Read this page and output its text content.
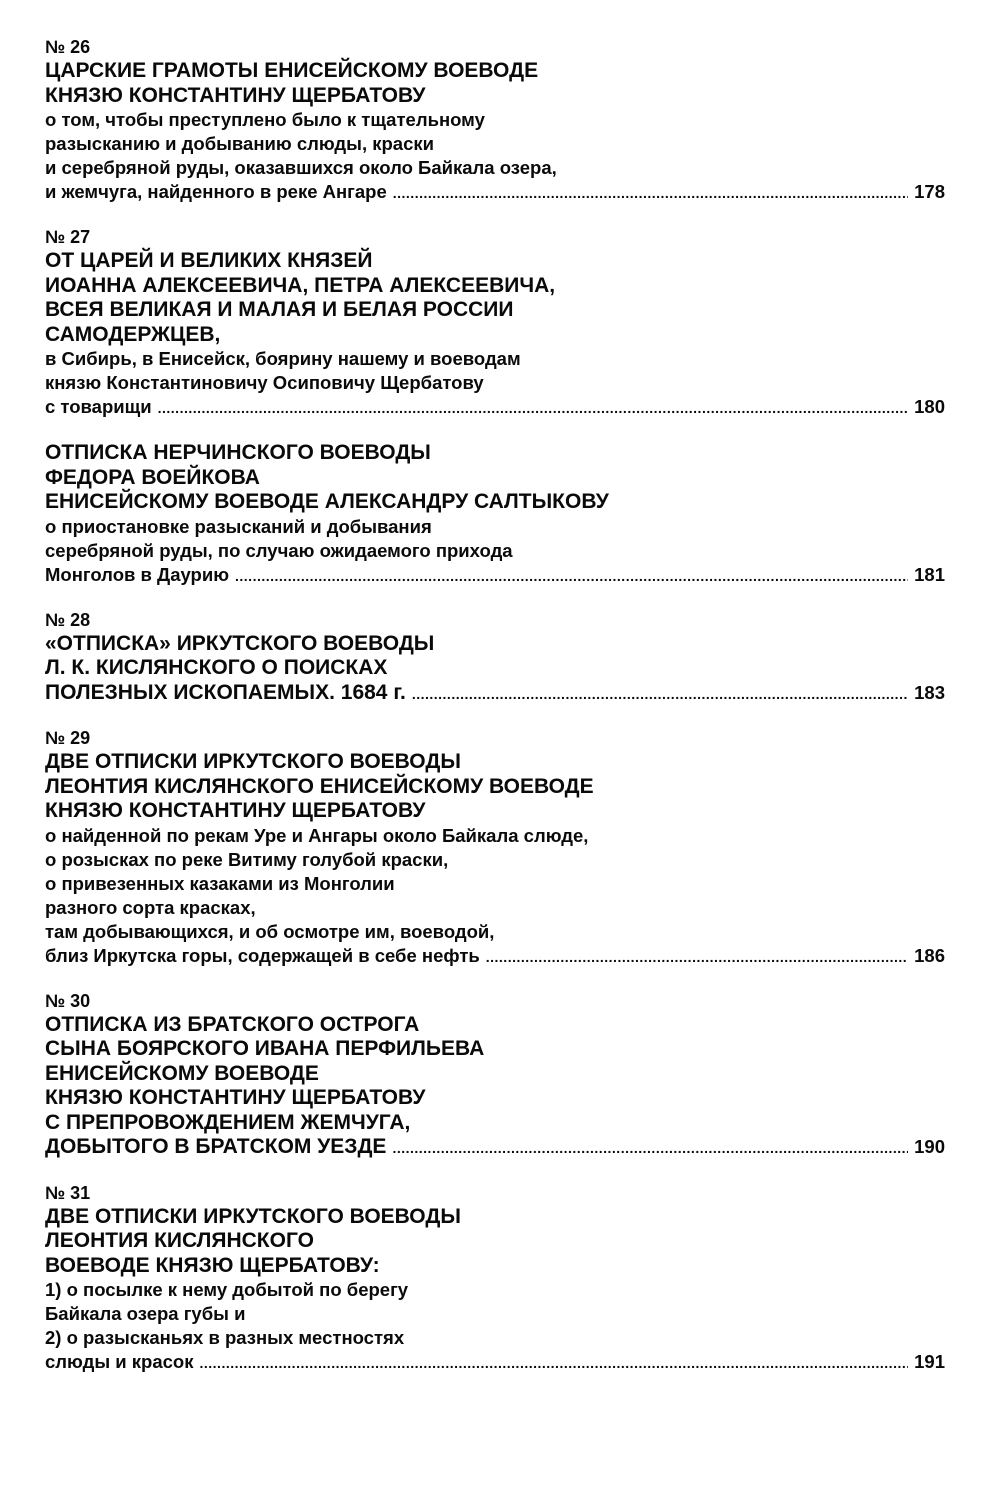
№ 26
ЦАРСКИЕ ГРАМОТЫ ЕНИСЕЙСКОМУ ВОЕВОДЕ
КНЯЗЮ КОНСТАНТИНУ ЩЕРБАТОВУ
о том, чтобы преступлено было к тщательному
разысканию и добыванию слюды, краски
и серебряной руды, оказавшихся около Байкала озера,
и жемчуга, найденного в реке Ангаре .....	178
№ 27
ОТ ЦАРЕЙ И ВЕЛИКИХ КНЯЗЕЙ
ИОАННА АЛЕКСЕЕВИЧА, ПЕТРА АЛЕКСЕЕВИЧА,
ВСЕЯ ВЕЛИКАЯ И МАЛАЯ И БЕЛАЯ РОССИИ
САМОДЕРЖЦЕВ,
в Сибирь, в Енисейск, боярину нашему и воеводам
князю Константиновичу Осиповичу Щербатову
с товарищи .....	180
ОТПИСКА НЕРЧИНСКОГО ВОЕВОДЫ
ФЕДОРА ВОЕЙКОВА
ЕНИСЕЙСКОМУ ВОЕВОДЕ АЛЕКСАНДРУ САЛТЫКОВУ
о приостановке разысканий и добывания
серебряной руды, по случаю ожидаемого прихода
Монголов в Даурию .....	181
№ 28
«ОТПИСКА» ИРКУТСКОГО ВОЕВОДЫ
Л. К. КИСЛЯНСКОГО О ПОИСКАХ
ПОЛЕЗНЫХ ИСКОПАЕМЫХ. 1684 г. .....	183
№ 29
ДВЕ ОТПИСКИ ИРКУТСКОГО ВОЕВОДЫ
ЛЕОНТИЯ КИСЛЯНСКОГО ЕНИСЕЙСКОМУ ВОЕВОДЕ
КНЯЗЮ КОНСТАНТИНУ ЩЕРБАТОВУ
о найденной по рекам Уре и Ангары около Байкала слюде,
о розысках по реке Витиму голубой краски,
о привезенных казаками из Монголии
разного сорта красках,
там добывающихся, и об осмотре им, воеводой,
близ Иркутска горы, содержащей в себе нефть .....	186
№ 30
ОТПИСКА ИЗ БРАТСКОГО ОСТРОГА
СЫНА БОЯРСКОГО ИВАНА ПЕРФИЛЬЕВА
ЕНИСЕЙСКОМУ ВОЕВОДЕ
КНЯЗЮ КОНСТАНТИНУ ЩЕРБАТОВУ
С ПРЕПРОВОЖДЕНИЕМ ЖЕМЧУГА,
ДОБЫТОГО В БРАТСКОМ УЕЗДЕ .....	190
№ 31
ДВЕ ОТПИСКИ ИРКУТСКОГО ВОЕВОДЫ
ЛЕОНТИЯ КИСЛЯНСКОГО
ВОЕВОДЕ КНЯЗЮ ЩЕРБАТОВУ:
1) о посылке к нему добытой по берегу
Байкала озера губы и
2) о разысканьях в разных местностях
слюды и красок .....	191
